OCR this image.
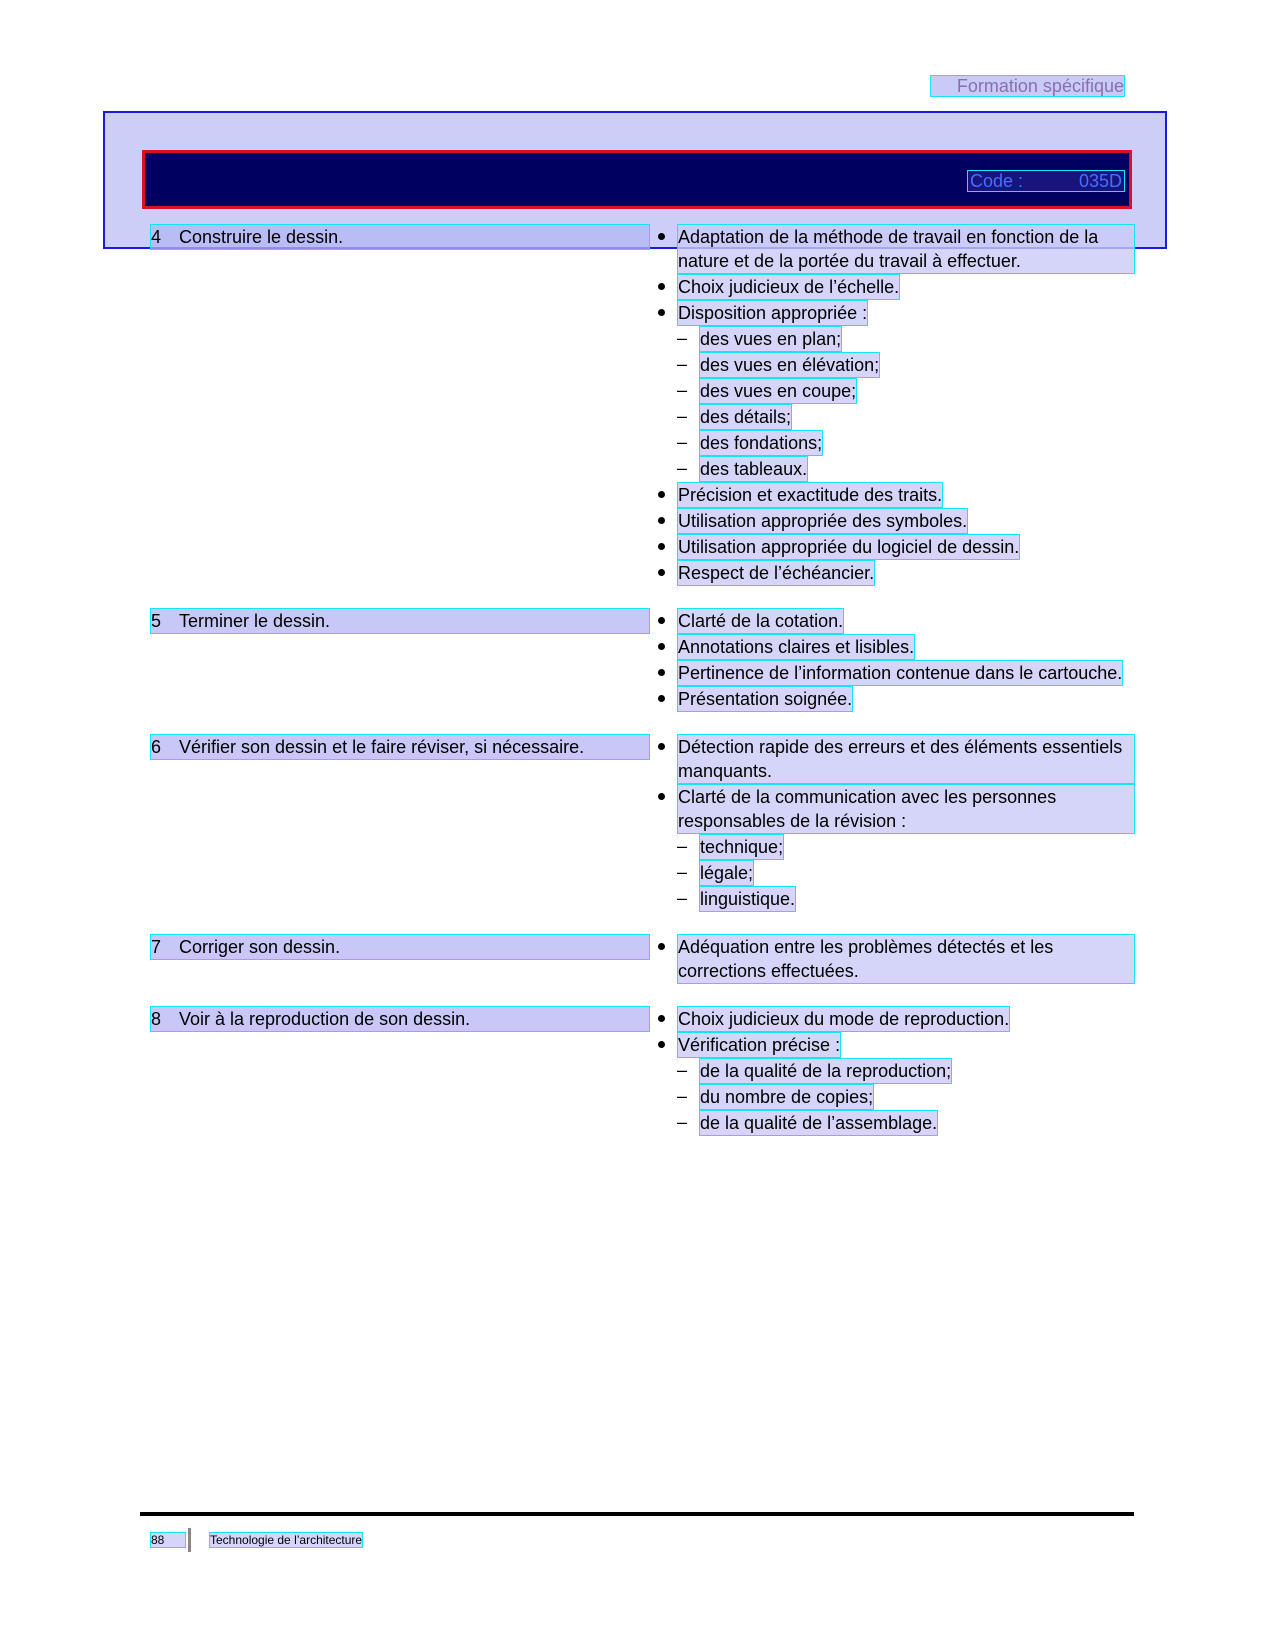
Formation spécifique
Code :	035D
4 Construire le dessin.	Adaptation de la méthode de travail en fonction de la nature et de la portée du travail à effectuer.
Choix judicieux de l’échelle.
Disposition appropriée :
– des vues en plan;
– des vues en élévation;
– des vues en coupe;
– des détails;
– des fondations;
– des tableaux.
Précision et exactitude des traits.
Utilisation appropriée des symboles.
Utilisation appropriée du logiciel de dessin.
Respect de l’échéancier.
5 Terminer le dessin.	Clarté de la cotation.
Annotations claires et lisibles.
Pertinence de l’information contenue dans le cartouche.
Présentation soignée.
6 Vérifier son dessin et le faire réviser, si nécessaire.	Détection rapide des erreurs et des éléments essentiels manquants.
Clarté de la communication avec les personnes responsables de la révision :
– technique;
– légale;
– linguistique.
7 Corriger son dessin.	Adéquation entre les problèmes détectés et les corrections effectuées.
8 Voir à la reproduction de son dessin.	Choix judicieux du mode de reproduction.
Vérification précise :
– de la qualité de la reproduction;
– du nombre de copies;
– de la qualité de l’assemblage.
88	Technologie de l’architecture
